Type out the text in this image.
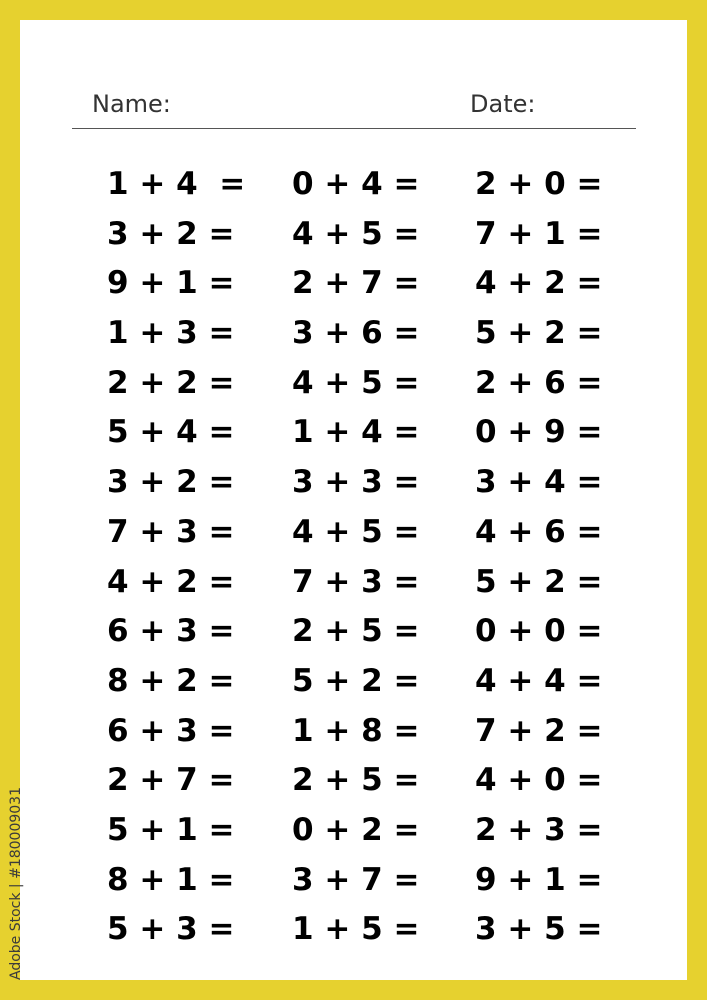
Name:	Date:
1 + 4  =
3 + 2 =
9 + 1 =
1 + 3 =
2 + 2 =
5 + 4 =
3 + 2 =
7 + 3 =
4 + 2 =
6 + 3 =
8 + 2 =
6 + 3 =
2 + 7 =
5 + 1 =
8 + 1 =
5 + 3 =
0 + 4 =
4 + 5 =
2 + 7 =
3 + 6 =
4 + 5 =
1 + 4 =
3 + 3 =
4 + 5 =
7 + 3 =
2 + 5 =
5 + 2 =
1 + 8 =
2 + 5 =
0 + 2 =
3 + 7 =
1 + 5 =
2 + 0 =
7 + 1 =
4 + 2 =
5 + 2 =
2 + 6 =
0 + 9 =
3 + 4 =
4 + 6 =
5 + 2 =
0 + 0 =
4 + 4 =
7 + 2 =
4 + 0 =
2 + 3 =
9 + 1 =
3 + 5 =
Adobe Stock | #180009031
